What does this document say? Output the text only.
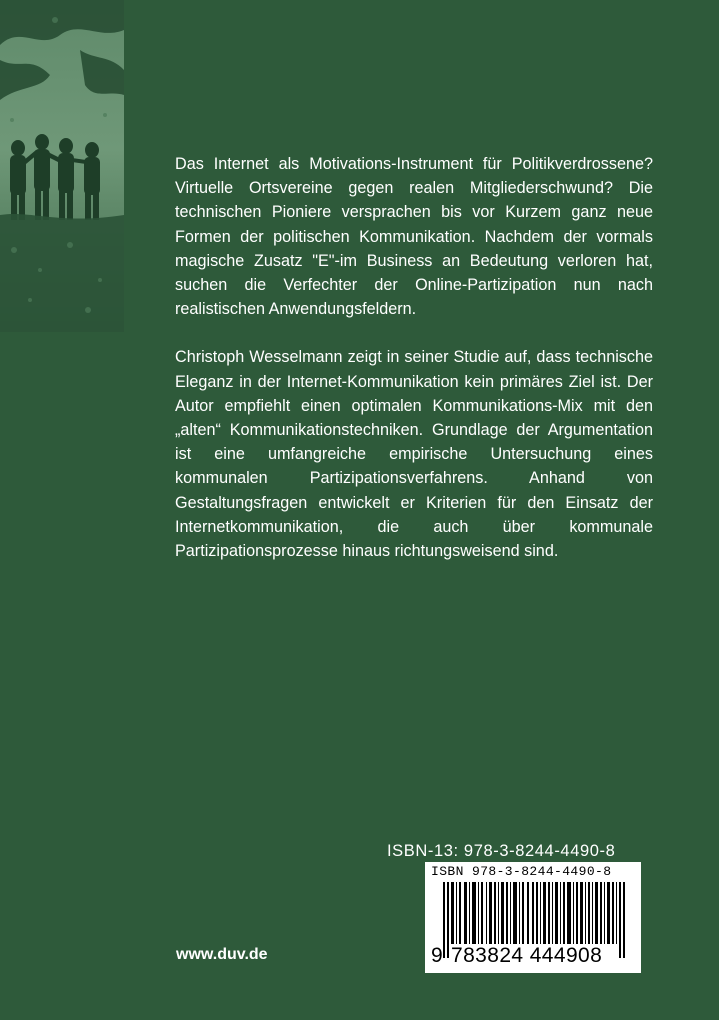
Das Internet als Motivations-Instrument für Politikverdrossene? Virtuelle Ortsvereine gegen realen Mitgliederschwund? Die technischen Pioniere versprachen bis vor Kurzem ganz neue Formen der politischen Kommunikation. Nachdem der vormals magische Zusatz "E"-im Business an Bedeutung verloren hat, suchen die Verfechter der Online-Partizipation nun nach realistischen Anwendungsfeldern.

Christoph Wesselmann zeigt in seiner Studie auf, dass technische Eleganz in der Internet-Kommunikation kein primäres Ziel ist. Der Autor empfiehlt einen optimalen Kommunikations-Mix mit den „alten“ Kommunikationstechniken. Grundlage der Argumentation ist eine umfangreiche empirische Untersuchung eines kommunalen Partizipationsverfahrens. Anhand von Gestaltungsfragen entwickelt er Kriterien für den Einsatz der Internetkommunikation, die auch über kommunale Partizipationsprozesse hinaus richtungsweisend sind.

ISBN-13: 978-3-8244-4490-8
ISBN 978-3-8244-4490-8
9 783824 444908
www.duv.de
